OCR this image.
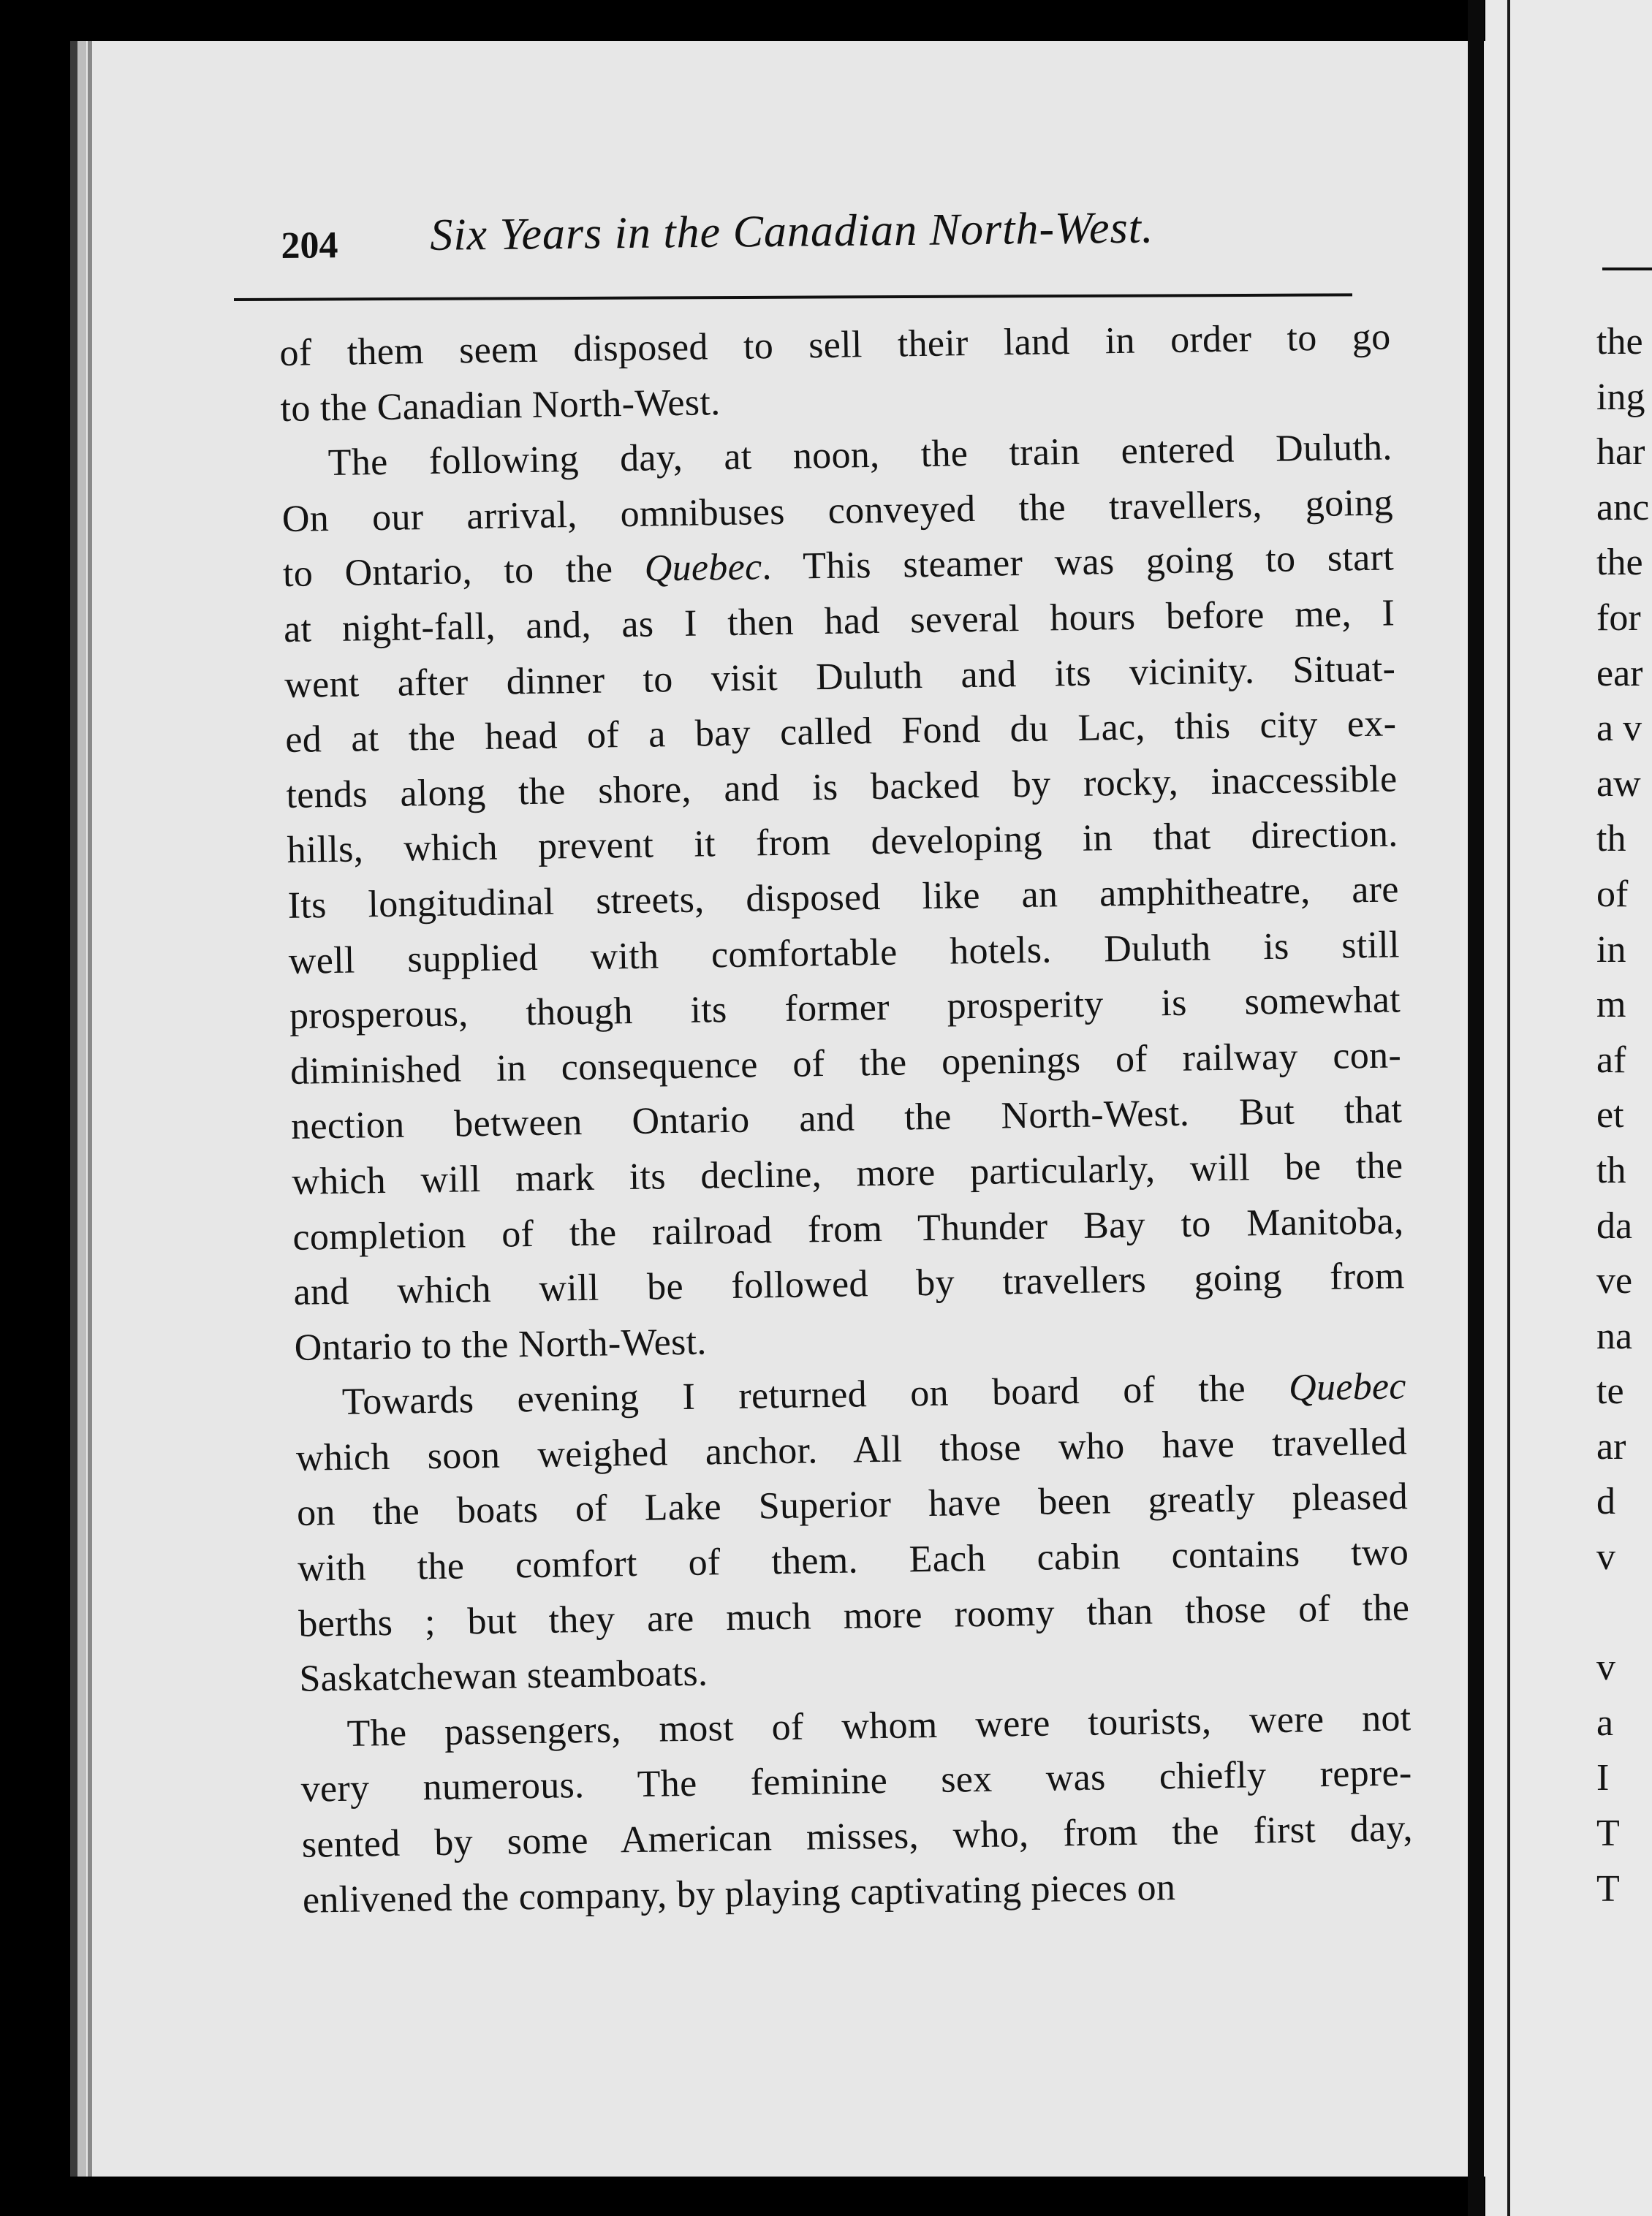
204 Six Years in the Canadian North-West.
of them seem disposed to sell their land in order to go
to the Canadian North-West.
The following day, at noon, the train entered Duluth.
On our arrival, omnibuses conveyed the travellers, going
to Ontario, to the Quebec. This steamer was going to start
at night-fall, and, as I then had several hours before me, I
went after dinner to visit Duluth and its vicinity. Situat-
ed at the head of a bay called Fond du Lac, this city ex-
tends along the shore, and is backed by rocky, inaccessible
hills, which prevent it from developing in that direction.
Its longitudinal streets, disposed like an amphitheatre, are
well supplied with comfortable hotels. Duluth is still
prosperous, though its former prosperity is somewhat
diminished in consequence of the openings of railway con-
nection between Ontario and the North-West. But that
which will mark its decline, more particularly, will be the
completion of the railroad from Thunder Bay to Manitoba,
and which will be followed by travellers going from
Ontario to the North-West.
Towards evening I returned on board of the Quebec
which soon weighed anchor. All those who have travelled
on the boats of Lake Superior have been greatly pleased
with the comfort of them. Each cabin contains two
berths ; but they are much more roomy than those of the
Saskatchewan steamboats.
The passengers, most of whom were tourists, were not
very numerous. The feminine sex was chiefly repre-
sented by some American misses, who, from the first day,
enlivened the company, by playing captivating pieces on
the
ing
har
anc
the
for
ear
a v
aw
th
of
in
m
af
et
th
da
ve
na
te
ar
d
v
v
a
I
T
T
